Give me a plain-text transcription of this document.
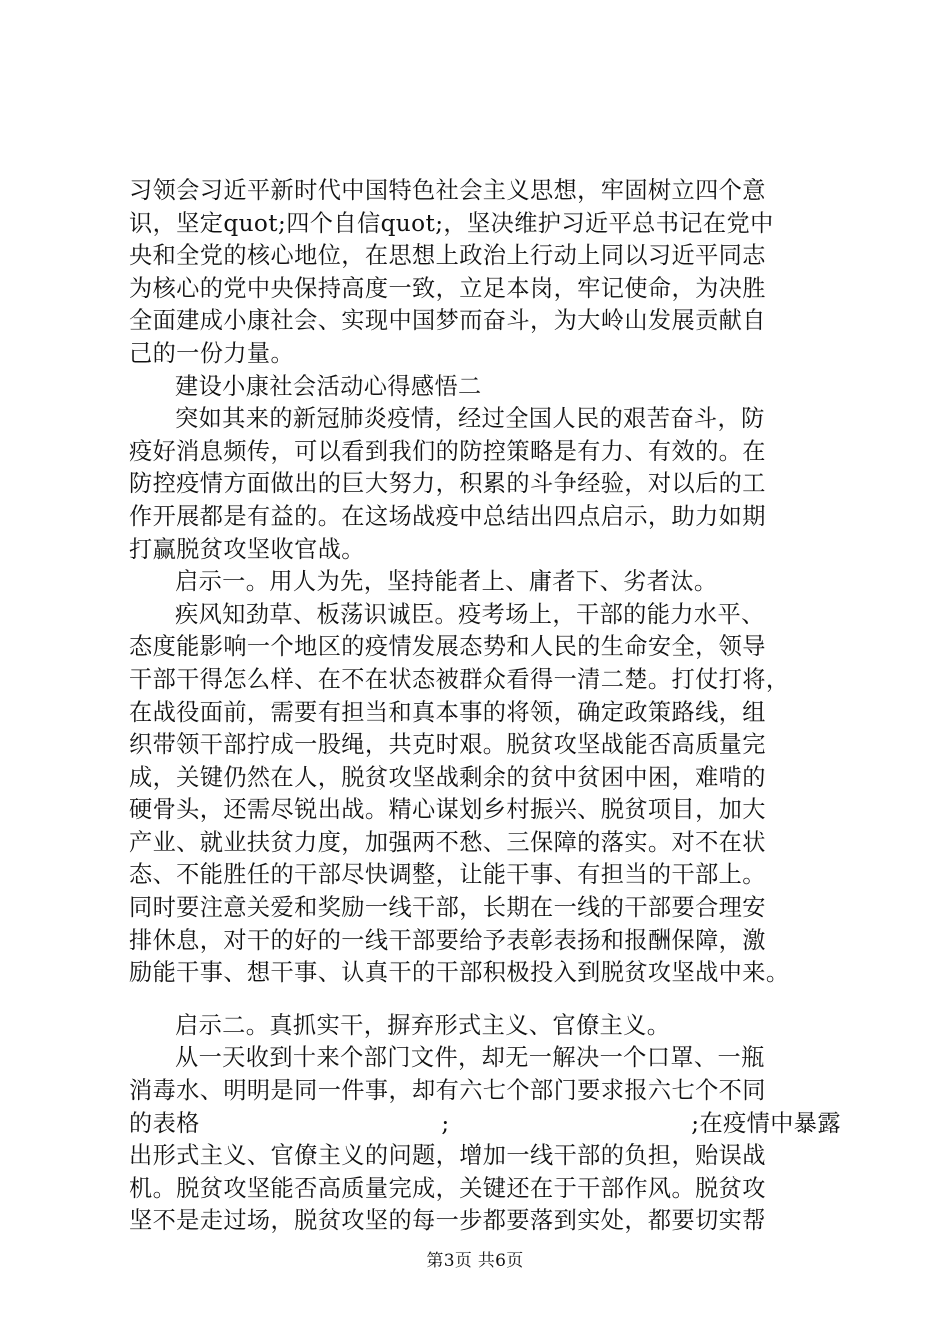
习领会习近平新时代中国特色社会主义思想，牢固树立四个意
识，坚定quot;四个自信quot;，坚决维护习近平总书记在党中
央和全党的核心地位，在思想上政治上行动上同以习近平同志
为核心的党中央保持高度一致，立足本岗，牢记使命，为决胜
全面建成小康社会、实现中国梦而奋斗，为大岭山发展贡献自
己的一份力量。
建设小康社会活动心得感悟二
突如其来的新冠肺炎疫情，经过全国人民的艰苦奋斗，防
疫好消息频传，可以看到我们的防控策略是有力、有效的。在
防控疫情方面做出的巨大努力，积累的斗争经验，对以后的工
作开展都是有益的。在这场战疫中总结出四点启示，助力如期
打赢脱贫攻坚收官战。
启示一。用人为先，坚持能者上、庸者下、劣者汰。
疾风知劲草、板荡识诚臣。疫考场上，干部的能力水平、
态度能影响一个地区的疫情发展态势和人民的生命安全，领导
干部干得怎么样、在不在状态被群众看得一清二楚。打仗打将，
在战役面前，需要有担当和真本事的将领，确定政策路线，组
织带领干部拧成一股绳，共克时艰。脱贫攻坚战能否高质量完
成，关键仍然在人，脱贫攻坚战剩余的贫中贫困中困，难啃的
硬骨头，还需尽锐出战。精心谋划乡村振兴、脱贫项目，加大
产业、就业扶贫力度，加强两不愁、三保障的落实。对不在状
态、不能胜任的干部尽快调整，让能干事、有担当的干部上。
同时要注意关爱和奖励一线干部，长期在一线的干部要合理安
排休息，对干的好的一线干部要给予表彰表扬和报酬保障，激
励能干事、想干事、认真干的干部积极投入到脱贫攻坚战中来。
启示二。真抓实干，摒弃形式主义、官僚主义。
从一天收到十来个部门文件，却无一解决一个口罩、一瓶
消毒水、明明是同一件事，却有六七个部门要求报六七个不同
的表格	;	;在疫情中暴露
出形式主义、官僚主义的问题，增加一线干部的负担，贻误战
机。脱贫攻坚能否高质量完成，关键还在于干部作风。脱贫攻
坚不是走过场，脱贫攻坚的每一步都要落到实处，都要切实帮
第3页 共6页
